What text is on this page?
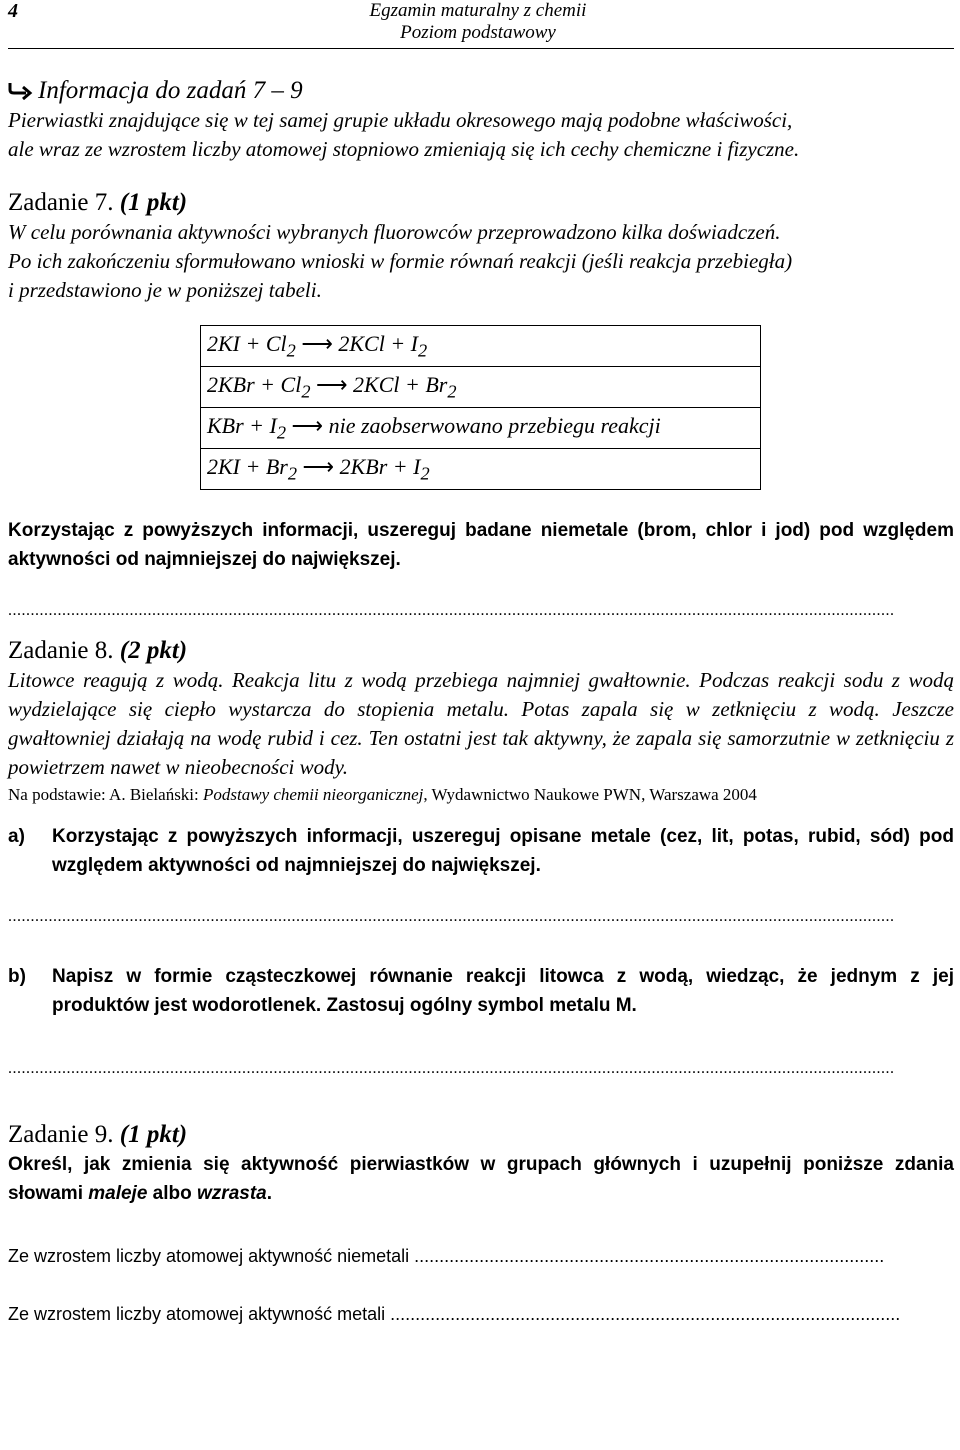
4	Egzamin maturalny z chemii
Poziom podstawowy
Informacja do zadań 7 – 9

Pierwiastki znajdujące się w tej samej grupie układu okresowego mają podobne właściwości,

ale wraz ze wzrostem liczby atomowej stopniowo zmieniają się ich cechy chemiczne i fizyczne.

Zadanie 7. (1 pkt)

W celu porównania aktywności wybranych fluorowców przeprowadzono kilka doświadczeń.

Po ich zakończeniu sformułowano wnioski w formie równań reakcji (jeśli reakcja przebiegła)

i przedstawiono je w poniższej tabeli.

$2KI + Cl_2$ ⟶ $2KCl + I_2$
$2KBr + Cl_2$ ⟶ $2KCl + Br_2$
KBr + $I_2$ ⟶ nie zaobserwowano przebiegu reakcji
$2KI + Br_2$ ⟶ $2KBr + I_2$

Korzystając z powyższych informacji, uszereguj badane niemetale (brom, chlor i jod) pod względem aktywności od najmniejszej do największej.

.....................................................................................................................................................................................................
Zadanie 8. (2 pkt)

Litowce reagują z wodą. Reakcja litu z wodą przebiega najmniej gwałtownie. Podczas reakcji sodu z wodą wydzielające się ciepło wystarcza do stopienia metalu. Potas zapala się w zetknięciu z wodą. Jeszcze gwałtowniej działają na wodę rubid i cez. Ten ostatni jest tak aktywny, że zapala się samorzutnie w zetknięciu z powietrzem nawet w nieobecności wody.

Na podstawie: A. Bielański: Podstawy chemii nieorganicznej, Wydawnictwo Naukowe PWN, Warszawa 2004

a)	Korzystając z powyższych informacji, uszereguj opisane metale (cez, lit, potas, rubid, sód) pod względem aktywności od najmniejszej do największej.
.....................................................................................................................................................................................................
b)	Napisz w formie cząsteczkowej równanie reakcji litowca z wodą, wiedząc, że jednym z jej produktów jest wodorotlenek. Zastosuj ogólny symbol metalu M.
.....................................................................................................................................................................................................
Zadanie 9. (1 pkt)

Określ, jak zmienia się aktywność pierwiastków w grupach głównych i uzupełnij poniższe zdania słowami maleje albo wzrasta.

Ze wzrostem liczby atomowej aktywność niemetali ..............................................................................................
Ze wzrostem liczby atomowej aktywność metali ......................................................................................................
